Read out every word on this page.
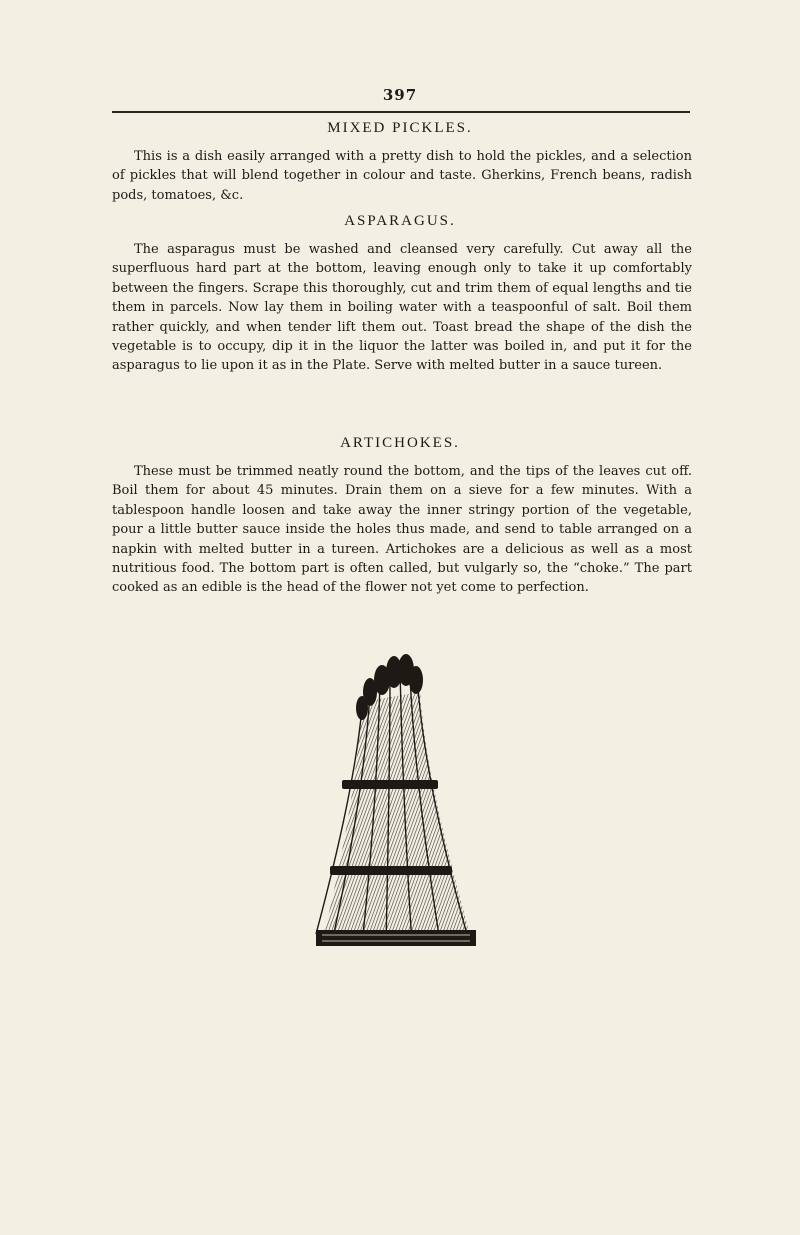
397
MIXED PICKLES.

This is a dish easily arranged with a pretty dish to hold the pickles, and a selection of pickles that will blend together in colour and taste. Gherkins, French beans, radish pods, tomatoes, &c.

ASPARAGUS.

The asparagus must be washed and cleansed very carefully. Cut away all the superfluous hard part at the bottom, leaving enough only to take it up comfortably between the fingers. Scrape this thoroughly, cut and trim them of equal lengths and tie them in parcels. Now lay them in boiling water with a teaspoonful of salt. Boil them rather quickly, and when tender lift them out. Toast bread the shape of the dish the vegetable is to occupy, dip it in the liquor the latter was boiled in, and put it for the asparagus to lie upon it as in the Plate. Serve with melted butter in a sauce tureen.

ARTICHOKES.

These must be trimmed neatly round the bottom, and the tips of the leaves cut off. Boil them for about 45 minutes. Drain them on a sieve for a few minutes. With a tablespoon handle loosen and take away the inner stringy portion of the vegetable, pour a little butter sauce inside the holes thus made, and send to table arranged on a napkin with melted butter in a tureen. Artichokes are a delicious as well as a most nutritious food. The bottom part is often called, but vulgarly so, the “choke.” The part cooked as an edible is the head of the flower not yet come to perfection.
